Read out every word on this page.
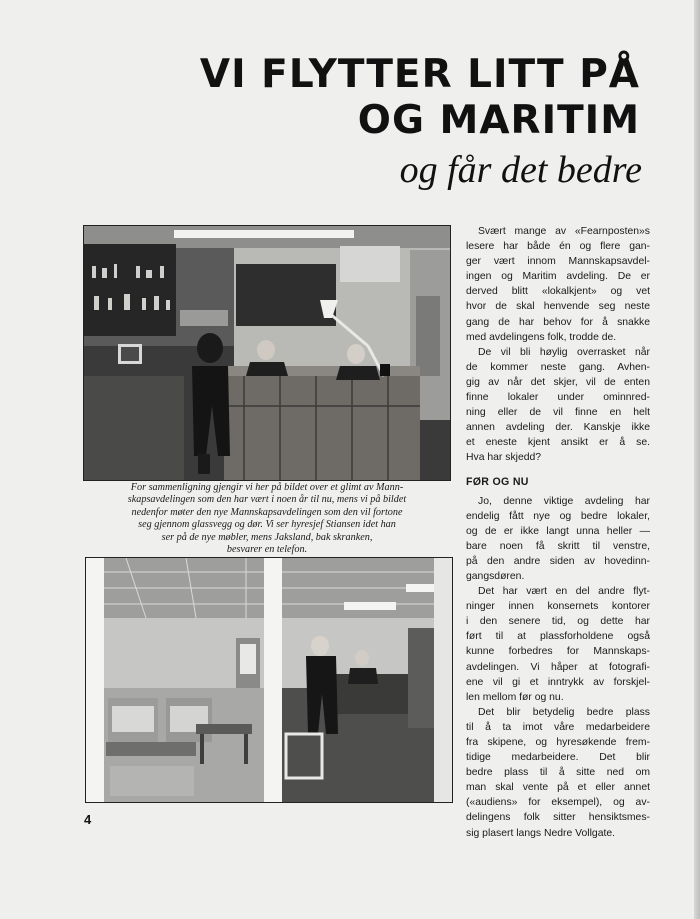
VI FLYTTER LITT PÅ
OG MARITIM
og får det bedre
For sammenligning gjengir vi her på bildet over et glimt av Mann-
skapsavdelingen som den har vært i noen år til nu, mens vi på bildet
nedenfor møter den nye Mannskapsavdelingen som den vil fortone
seg gjennom glassvegg og dør. Vi ser hyresjef Stiansen idet han
ser på de nye møbler, mens Jaksland, bak skranken,
besvarer en telefon.
Svært mange av «Fearnposten»s
lesere har både én og flere gan-
ger vært innom Mannskapsavdel-
ingen og Maritim avdeling. De er
derved blitt «lokalkjent» og vet
hvor de skal henvende seg neste
gang de har behov for å snakke
med avdelingens folk, trodde de.
De vil bli høylig overrasket når
de kommer neste gang. Avhen-
gig av når det skjer, vil de enten
finne lokaler under ominnred-
ning eller de vil finne en helt
annen avdeling der. Kanskje ikke
et eneste kjent ansikt er å se.
Hva har skjedd?
FØR OG NU
Jo, denne viktige avdeling har
endelig fått nye og bedre lokaler,
og de er ikke langt unna heller —
bare noen få skritt til venstre,
på den andre siden av hovedinn-
gangsdøren.
Det har vært en del andre flyt-
ninger innen konsernets kontorer
i den senere tid, og dette har
ført til at plassforholdene også
kunne forbedres for Mannskaps-
avdelingen. Vi håper at fotografi-
ene vil gi et inntrykk av forskjel-
len mellom før og nu.
Det blir betydelig bedre plass
til å ta imot våre medarbeidere
fra skipene, og hyresøkende frem-
tidige medarbeidere. Det blir
bedre plass til å sitte ned om
man skal vente på et eller annet
(«audiens» for eksempel), og av-
delingens folk sitter hensiktsmes-
sig plasert langs Nedre Vollgate.
4
